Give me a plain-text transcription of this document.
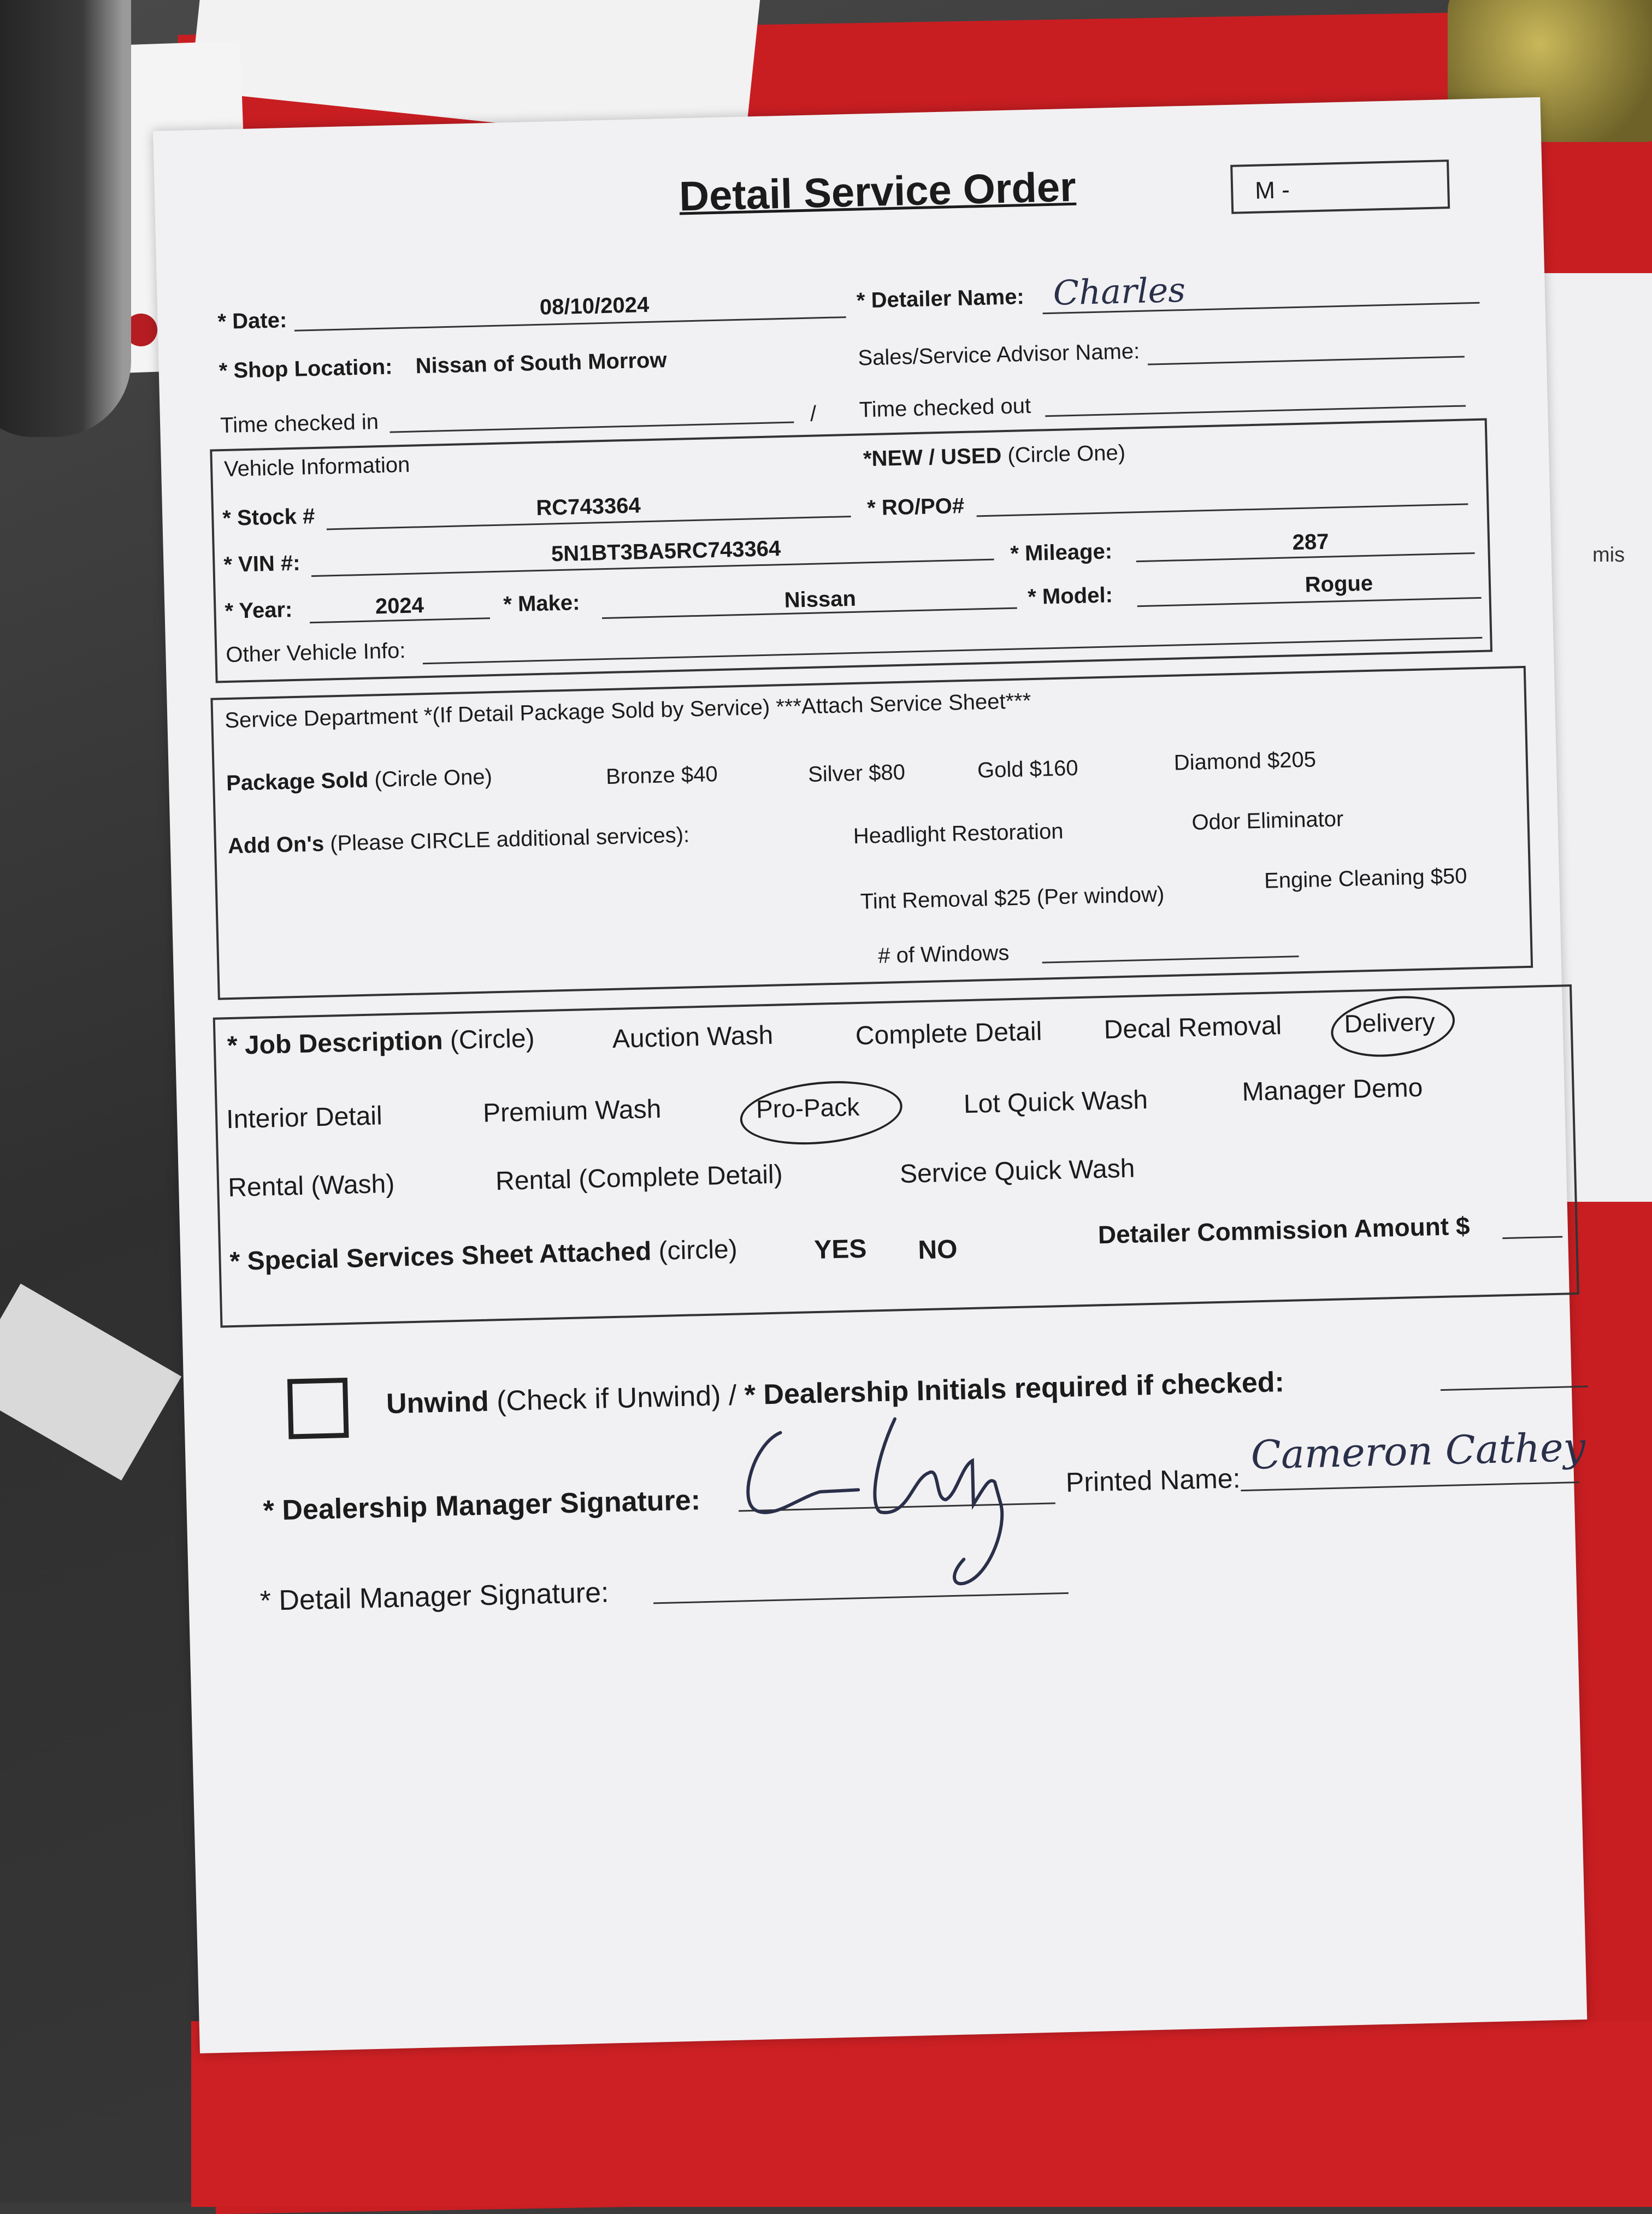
mis
Detail Service Order	M -
* Date:
08/10/2024	* Detailer Name: Charles
* Shop Location: Nissan of South Morrow	Sales/Service Advisor Name:
Time checked in	/ Time checked out
Vehicle Information	*NEW / USED (Circle One)
* Stock #	RC743364	* RO/PO#
* VIN #:	5N1BT3BA5RC743364	* Mileage:	287
* Year:	2024	* Make:	Nissan	* Model:	Rogue
Other Vehicle Info:
Service Department *(If Detail Package Sold by Service) ***Attach Service Sheet***
Package Sold (Circle One)	Bronze $40	Silver $80	Gold $160	Diamond $205
Add On's (Please CIRCLE additional services):	Headlight Restoration	Odor Eliminator
Tint Removal $25 (Per window)
Engine Cleaning $50
# of Windows
* Job Description (Circle)	Auction Wash	Complete Detail Decal Removal Delivery
Interior Detail	Premium Wash	Pro-Pack	Lot Quick Wash	Manager Demo
Rental (Wash)	Rental (Complete Detail)	Service Quick Wash
* Special Services Sheet Attached (circle)	YES NO
Detailer Commission Amount $
Unwind (Check if Unwind) / * Dealership Initials required if checked:
* Dealership Manager Signature:
Printed Name:
Cameron Cathey
* Detail Manager Signature:
